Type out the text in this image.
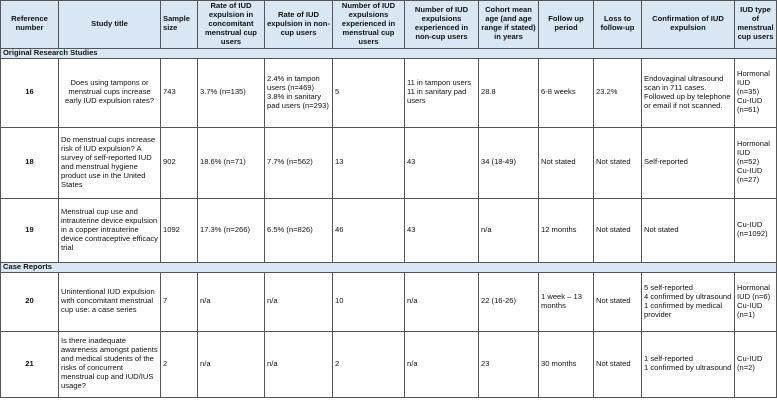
Reference number	Study title	Sample size	Rate of IUD expulsion in concomitant menstrual cup users	Rate of IUD expulsion in non-cup users	Number of IUD expulsions experienced in menstrual cup users	Number of IUD expulsions experienced in non-cup users	Cohort mean age (and age range if stated) in years	Follow up period	Loss to follow-up	Confirmation of IUD expulsion	IUD type of menstrual cup users
Original Research Studies											
16	Does using tampons or menstrual cups increase early IUD expulsion rates?	743	3.7% (n=135)	2.4% in tampon users (n=469)
3.8% in sanitary pad users (n=293)	5	11 in tampon users
11 in sanitary pad users	28.8	6-8 weeks	23.2%	Endovaginal ultrasound scan in 711 cases. Followed up by telephone or email if not scanned.	Hormonal IUD (n=35)
Cu-IUD (n=61)

18	Do menstrual cups increase risk of IUD expulsion? A survey of self-reported IUD and menstrual hygiene product use in the United States	902	18.6% (n=71)	7.7% (n=562)	13	43	34 (18-49)	Not stated	Not stated	Self-reported	Hormonal IUD (n=52)
Cu-IUD (n=27)

19	Menstrual cup use and intrauterine device expulsion in a copper intrauterine device contraceptive efficacy trial	1092	17.3% (n=266)	6.5% (n=826)	46	43	n/a	12 months	Not stated	Not stated	Cu-IUD (n=1092)
Case Reports											
20	Unintentional IUD expulsion with concomitant menstrual cup use: a case series	7	n/a	n/a	10	n/a	22 (16-26)	1 week – 13 months	Not stated	5 self-reported
4 confirmed by ultrasound
1 confirmed by medical provider	Hormonal IUD (n=6)
Cu-IUD (n=1)

21	Is there inadequate awareness amongst patients and medical students of the risks of concurrent menstrual cup and IUD/IUS usage?	2	n/a	n/a	2	n/a	23	30 months	Not stated	1 self-reported
1 confirmed by ultrasound	Cu-IUD (n=2)
